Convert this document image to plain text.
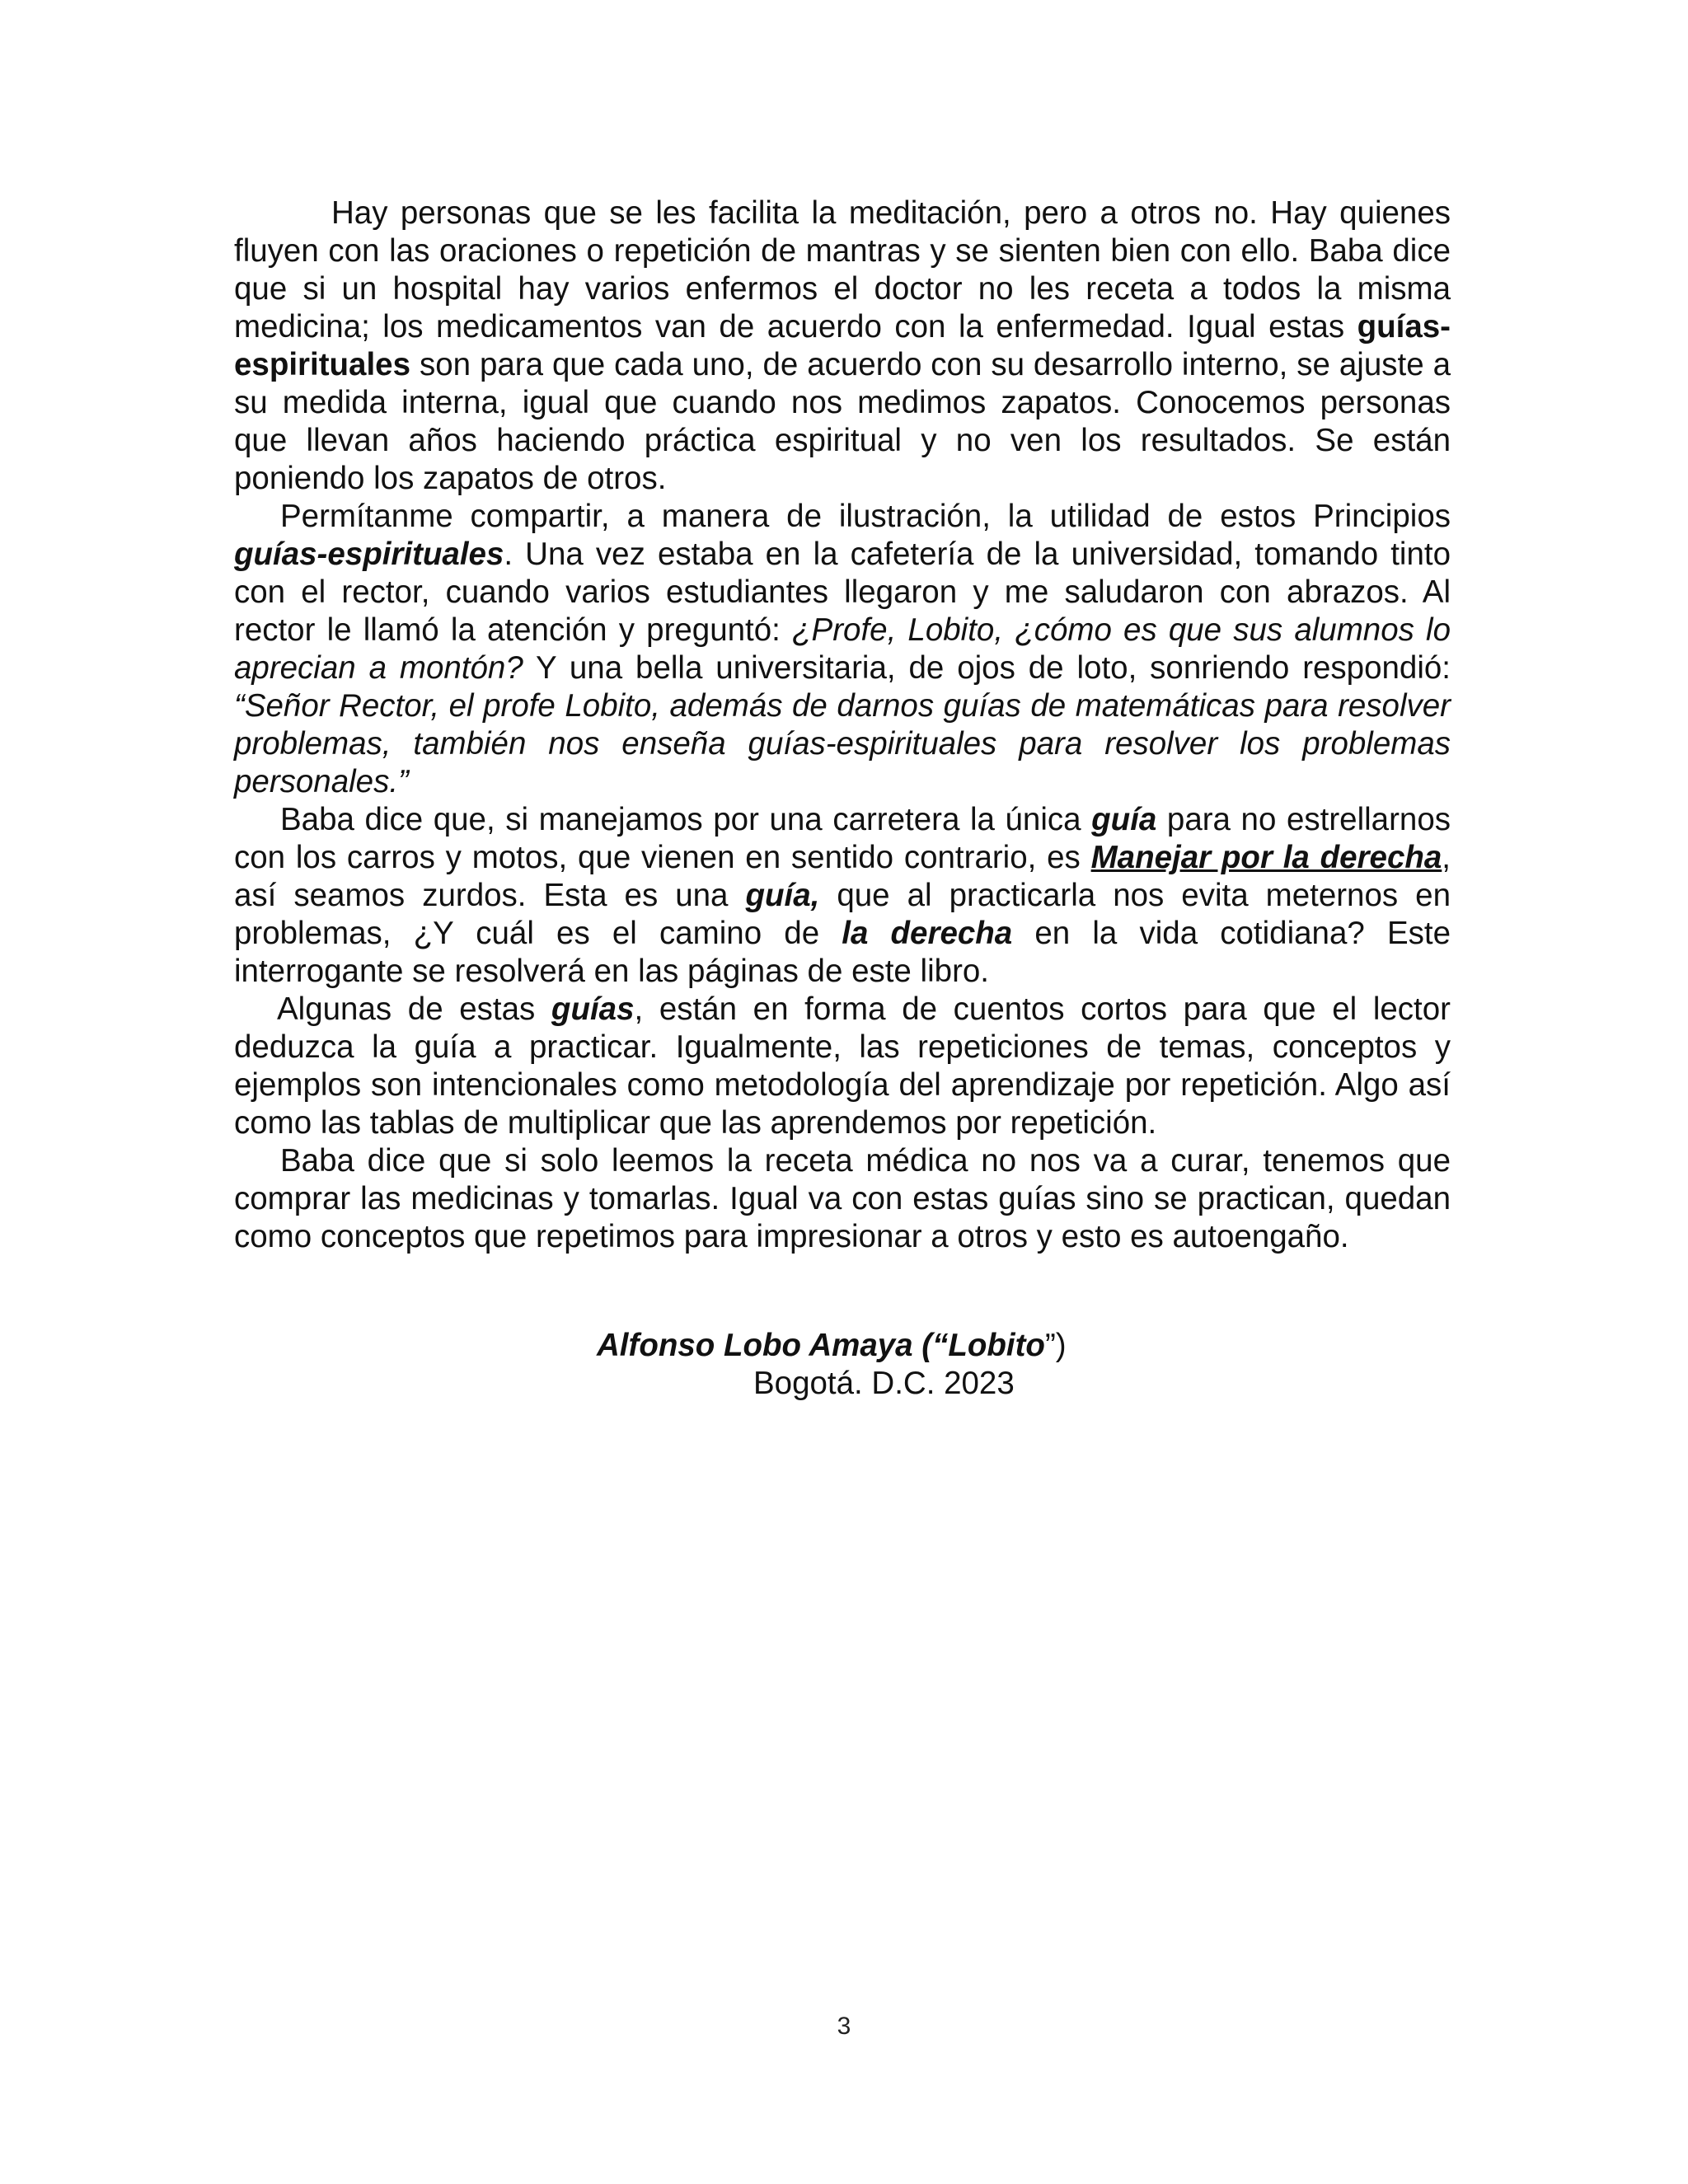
Hay personas que se les facilita la meditación, pero a otros no. Hay quienes fluyen con las oraciones o repetición de mantras y se sienten bien con ello. Baba dice que si un hospital hay varios enfermos el doctor no les receta a todos la misma medicina; los medicamentos van de acuerdo con la enfermedad. Igual estas guías-espirituales son para que cada uno, de acuerdo con su desarrollo interno, se ajuste a su medida interna, igual que cuando nos medimos zapatos. Conocemos personas que llevan años haciendo práctica espiritual y no ven los resultados. Se están poniendo los zapatos de otros.

Permítanme compartir, a manera de ilustración, la utilidad de estos Principios guías-espirituales. Una vez estaba en la cafetería de la universidad, tomando tinto con el rector, cuando varios estudiantes llegaron y me saludaron con abrazos. Al rector le llamó la atención y preguntó: ¿Profe, Lobito, ¿cómo es que sus alumnos lo aprecian a montón? Y una bella universitaria, de ojos de loto, sonriendo respondió: “Señor Rector, el profe Lobito, además de darnos guías de matemáticas para resolver problemas, también nos enseña guías-espirituales para resolver los problemas personales.”

Baba dice que, si manejamos por una carretera la única guía para no estrellarnos con los carros y motos, que vienen en sentido contrario, es Manejar por la derecha, así seamos zurdos. Esta es una guía, que al practicarla nos evita meternos en problemas, ¿Y cuál es el camino de la derecha en la vida cotidiana? Este interrogante se resolverá en las páginas de este libro.

Algunas de estas guías, están en forma de cuentos cortos para que el lector deduzca la guía a practicar. Igualmente, las repeticiones de temas, conceptos y ejemplos son intencionales como metodología del aprendizaje por repetición. Algo así como las tablas de multiplicar que las aprendemos por repetición.

Baba dice que si solo leemos la receta médica no nos va a curar, tenemos que comprar las medicinas y tomarlas. Igual va con estas guías sino se practican, quedan como conceptos que repetimos para impresionar a otros y esto es autoengaño.

Alfonso Lobo Amaya (“Lobito”)
Bogotá. D.C. 2023
3
